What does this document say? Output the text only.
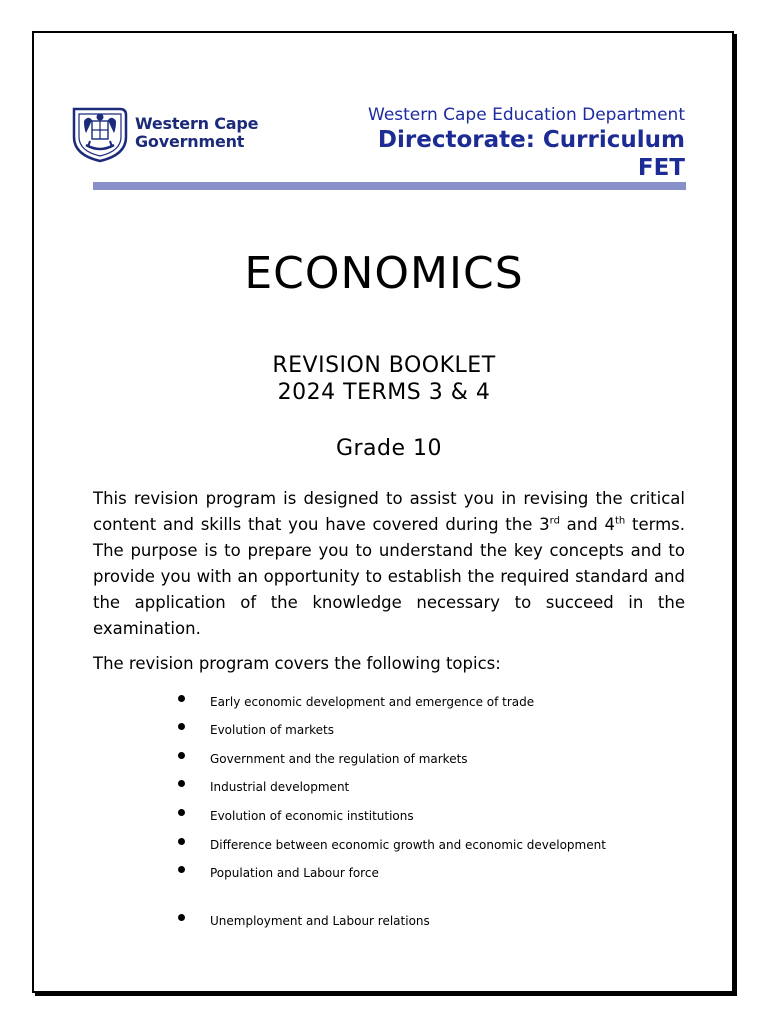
Western Cape
Government
Western Cape Education Department
Directorate: Curriculum
FET
ECONOMICS
REVISION BOOKLET
2024 TERMS 3 & 4
Grade 10

This revision program is designed to assist you in revising the critical content and skills that you have covered during the 3rd and 4th terms. The purpose is to prepare you to understand the key concepts and to provide you with an opportunity to establish the required standard and the application of the knowledge necessary to succeed in the examination.

The revision program covers the following topics:
Early economic development and emergence of trade
Evolution of markets
Government and the regulation of markets
Industrial development
Evolution of economic institutions
Difference between economic growth and economic development
Population and Labour force
Unemployment and Labour relations
